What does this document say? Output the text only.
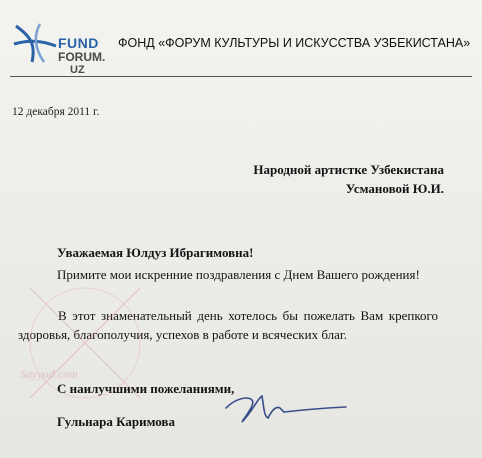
FUND
FORUM.
UZ
ФОНД «ФОРУМ КУЛЬТУРЫ И ИСКУССТВА УЗБЕКИСТАНА»
12 декабря 2011 г.
Народной артистке Узбекистана
Усмановой Ю.И.
Уважаемая Юлдуз Ибрагимовна!
Примите мои искренние поздравления с Днем Вашего рождения!
В этот знаменательный день хотелось бы пожелать Вам крепкого здоровья, благополучия, успехов в работе и всяческих благ.
С наилучшими пожеланиями,
Гульнара Каримова
Sayyod.com
